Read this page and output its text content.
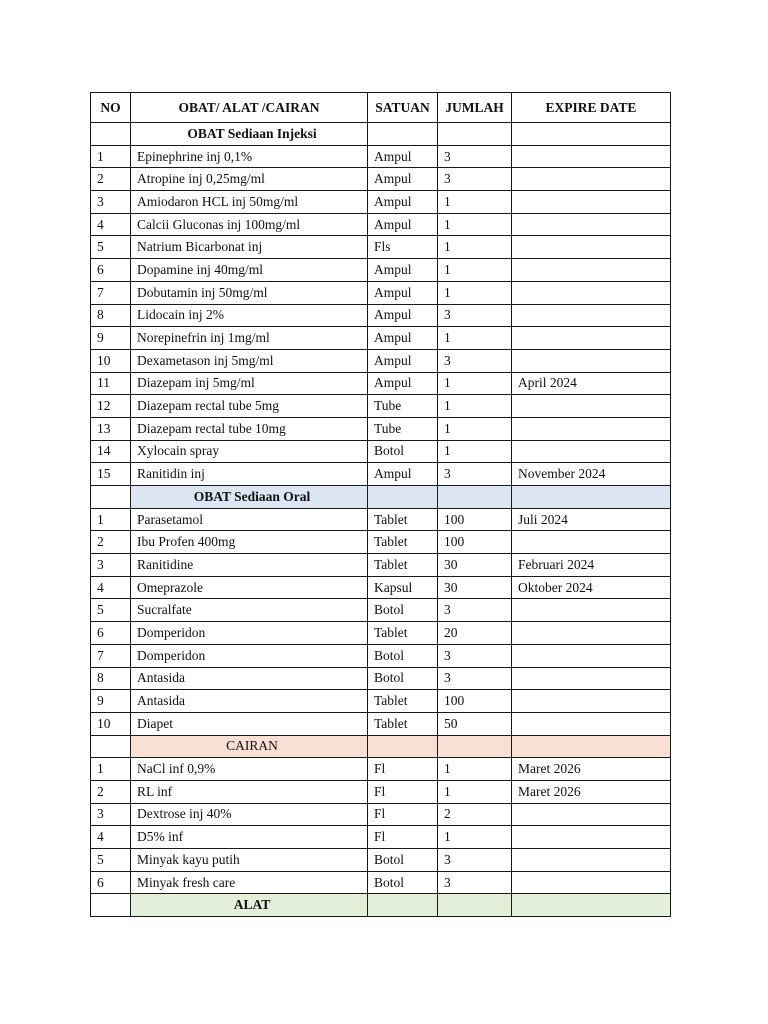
NO	OBAT/ ALAT /CAIRAN	SATUAN	JUMLAH	EXPIRE DATE
	OBAT Sediaan Injeksi			
1	Epinephrine inj 0,1%	Ampul	3	
2	Atropine inj 0,25mg/ml	Ampul	3	
3	Amiodaron HCL inj 50mg/ml	Ampul	1	
4	Calcii Gluconas inj 100mg/ml	Ampul	1	
5	Natrium Bicarbonat inj	Fls	1	
6	Dopamine inj 40mg/ml	Ampul	1	
7	Dobutamin inj 50mg/ml	Ampul	1	
8	Lidocain inj 2%	Ampul	3	
9	Norepinefrin inj 1mg/ml	Ampul	1	
10	Dexametason inj 5mg/ml	Ampul	3	
11	Diazepam inj 5mg/ml	Ampul	1	April 2024
12	Diazepam rectal tube 5mg	Tube	1	
13	Diazepam rectal tube 10mg	Tube	1	
14	Xylocain spray	Botol	1	
15	Ranitidin inj	Ampul	3	November 2024
	OBAT Sediaan Oral			
1	Parasetamol	Tablet	100	Juli 2024
2	Ibu Profen 400mg	Tablet	100	
3	Ranitidine	Tablet	30	Februari 2024
4	Omeprazole	Kapsul	30	Oktober 2024
5	Sucralfate	Botol	3	
6	Domperidon	Tablet	20	
7	Domperidon	Botol	3	
8	Antasida	Botol	3	
9	Antasida	Tablet	100	
10	Diapet	Tablet	50	
	CAIRAN			
1	NaCl inf 0,9%	Fl	1	Maret 2026
2	RL inf	Fl	1	Maret 2026
3	Dextrose inj 40%	Fl	2	
4	D5% inf	Fl	1	
5	Minyak kayu putih	Botol	3	
6	Minyak fresh care	Botol	3	
	ALAT			
